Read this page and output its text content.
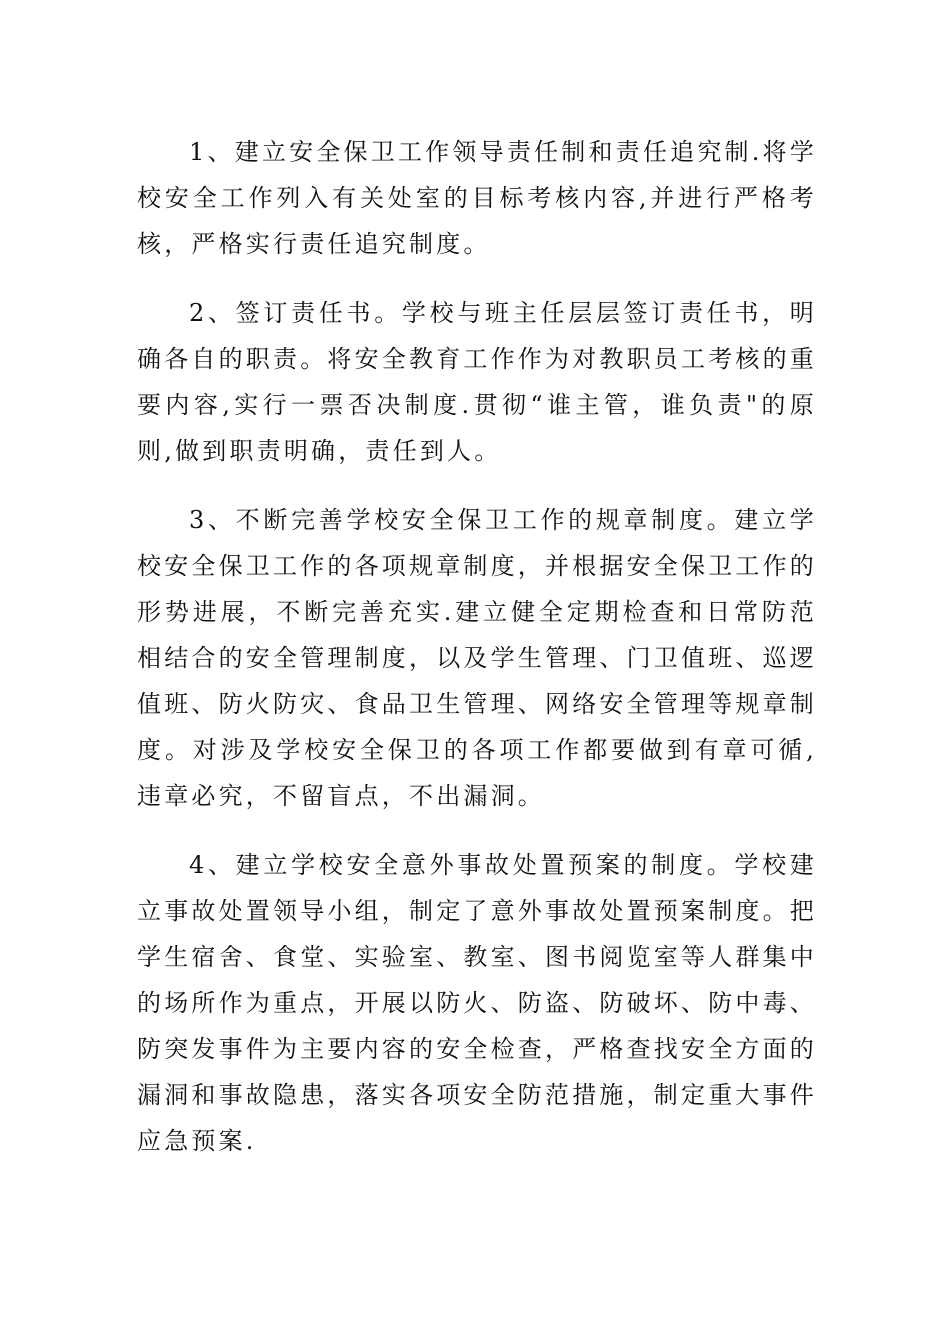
1、建立安全保卫工作领导责任制和责任追究制.将学校安全工作列入有关处室的目标考核内容,并进行严格考核，严格实行责任追究制度。

2、签订责任书。学校与班主任层层签订责任书，明确各自的职责。将安全教育工作作为对教职员工考核的重要内容,实行一票否决制度.贯彻“谁主管，谁负责"的原则,做到职责明确，责任到人。

3、不断完善学校安全保卫工作的规章制度。建立学校安全保卫工作的各项规章制度，并根据安全保卫工作的形势进展，不断完善充实.建立健全定期检查和日常防范相结合的安全管理制度，以及学生管理、门卫值班、巡逻值班、防火防灾、食品卫生管理、网络安全管理等规章制度。对涉及学校安全保卫的各项工作都要做到有章可循,违章必究，不留盲点，不出漏洞。

4、建立学校安全意外事故处置预案的制度。学校建立事故处置领导小组，制定了意外事故处置预案制度。把学生宿舍、食堂、实验室、教室、图书阅览室等人群集中的场所作为重点，开展以防火、防盗、防破坏、防中毒、防突发事件为主要内容的安全检查，严格查找安全方面的漏洞和事故隐患，落实各项安全防范措施，制定重大事件应急预案.
